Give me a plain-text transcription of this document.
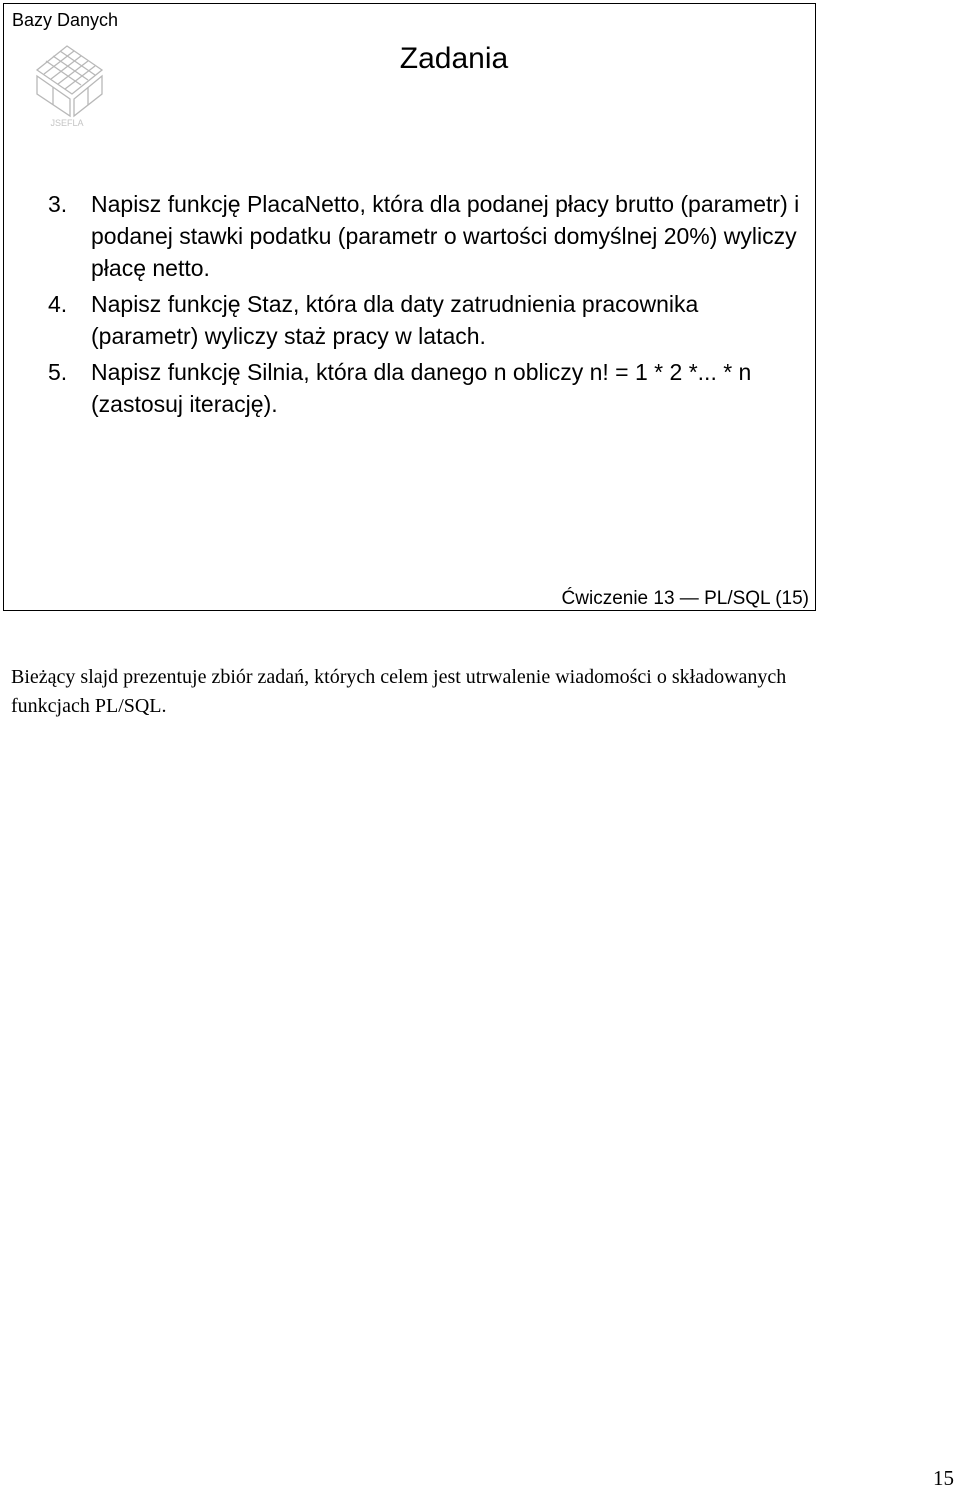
Bazy Danych
JSEFLA
Zadania
3. Napisz funkcję PlacaNetto, która dla podanej płacy brutto (parametr) i podanej stawki podatku (parametr o wartości domyślnej 20%) wyliczy płacę netto.
4. Napisz funkcję Staz, która dla daty zatrudnienia pracownika (parametr) wyliczy staż pracy w latach.
5. Napisz funkcję Silnia, która dla danego n obliczy n! = 1 * 2 *... * n (zastosuj iterację).
Ćwiczenie 13 — PL/SQL (15)
Bieżący slajd prezentuje zbiór zadań, których celem jest utrwalenie wiadomości o składowanych funkcjach PL/SQL.
15
